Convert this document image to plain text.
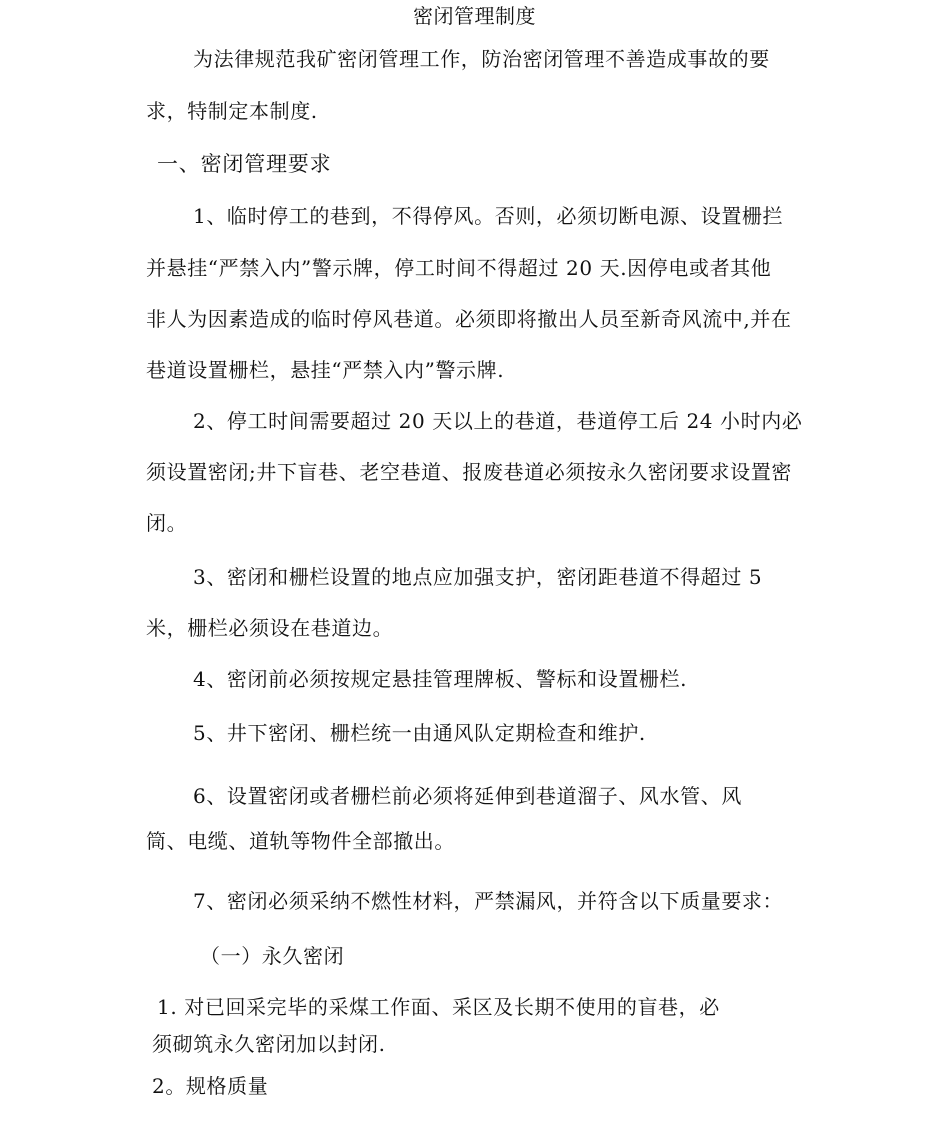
密闭管理制度

为法律规范我矿密闭管理工作，防治密闭管理不善造成事故的要

求，特制定本制度.

一、密闭管理要求

1、临时停工的巷到，不得停风。否则，必须切断电源、设置栅拦

并悬挂“严禁入内”警示牌，停工时间不得超过 20 天.因停电或者其他

非人为因素造成的临时停风巷道。必须即将撤出人员至新奇风流中,并在

巷道设置栅栏，悬挂“严禁入内”警示牌.

2、停工时间需要超过 20 天以上的巷道，巷道停工后 24 小时内必

须设置密闭;井下盲巷、老空巷道、报废巷道必须按永久密闭要求设置密

闭。

3、密闭和栅栏设置的地点应加强支护，密闭距巷道不得超过 5

米，栅栏必须设在巷道边。

4、密闭前必须按规定悬挂管理牌板、警标和设置栅栏.

5、井下密闭、栅栏统一由通风队定期检查和维护.

6、设置密闭或者栅栏前必须将延伸到巷道溜子、风水管、风

筒、电缆、道轨等物件全部撤出。

7、密闭必须采纳不燃性材料，严禁漏风，并符含以下质量要求：

（一）永久密闭

1. 对已回采完毕的采煤工作面、采区及长期不使用的盲巷，必

须砌筑永久密闭加以封闭.

2。规格质量
